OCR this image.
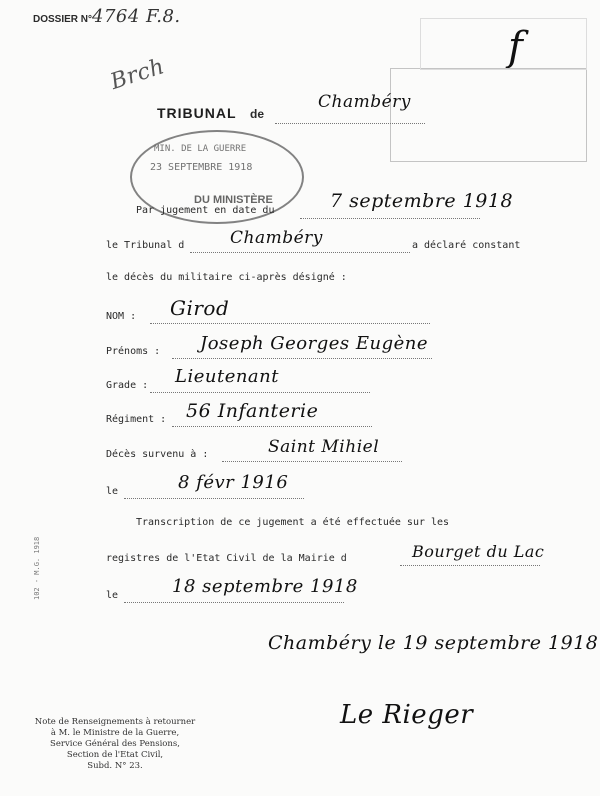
DOSSIER N° 4764 F.8.
f
Brch
TRIBUNAL de
Chambéry
MIN. DE LA GUERRE
23 SEPTEMBRE 1918
DU MINISTÈRE
Par jugement en date du	7 septembre 1918
le Tribunal d	Chambéry	a déclaré constant
le décès du militaire ci-après désigné :
NOM : Girod
Prénoms : Joseph Georges Eugène
Grade : Lieutenant
Régiment : 56 Infanterie
Décès survenu à :	Saint Mihiel
le	8 févr 1916
Transcription de ce jugement a été effectuée sur les
registres de l'Etat Civil de la Mairie d	Bourget du Lac
le	18 septembre 1918
Chambéry le 19 septembre 1918
Le Rieger
102 - M.G. 1918
Note de Renseignements à retourner
à M. le Ministre de la Guerre,
Service Général des Pensions,
Section de l'Etat Civil,
Subd. N° 23.
